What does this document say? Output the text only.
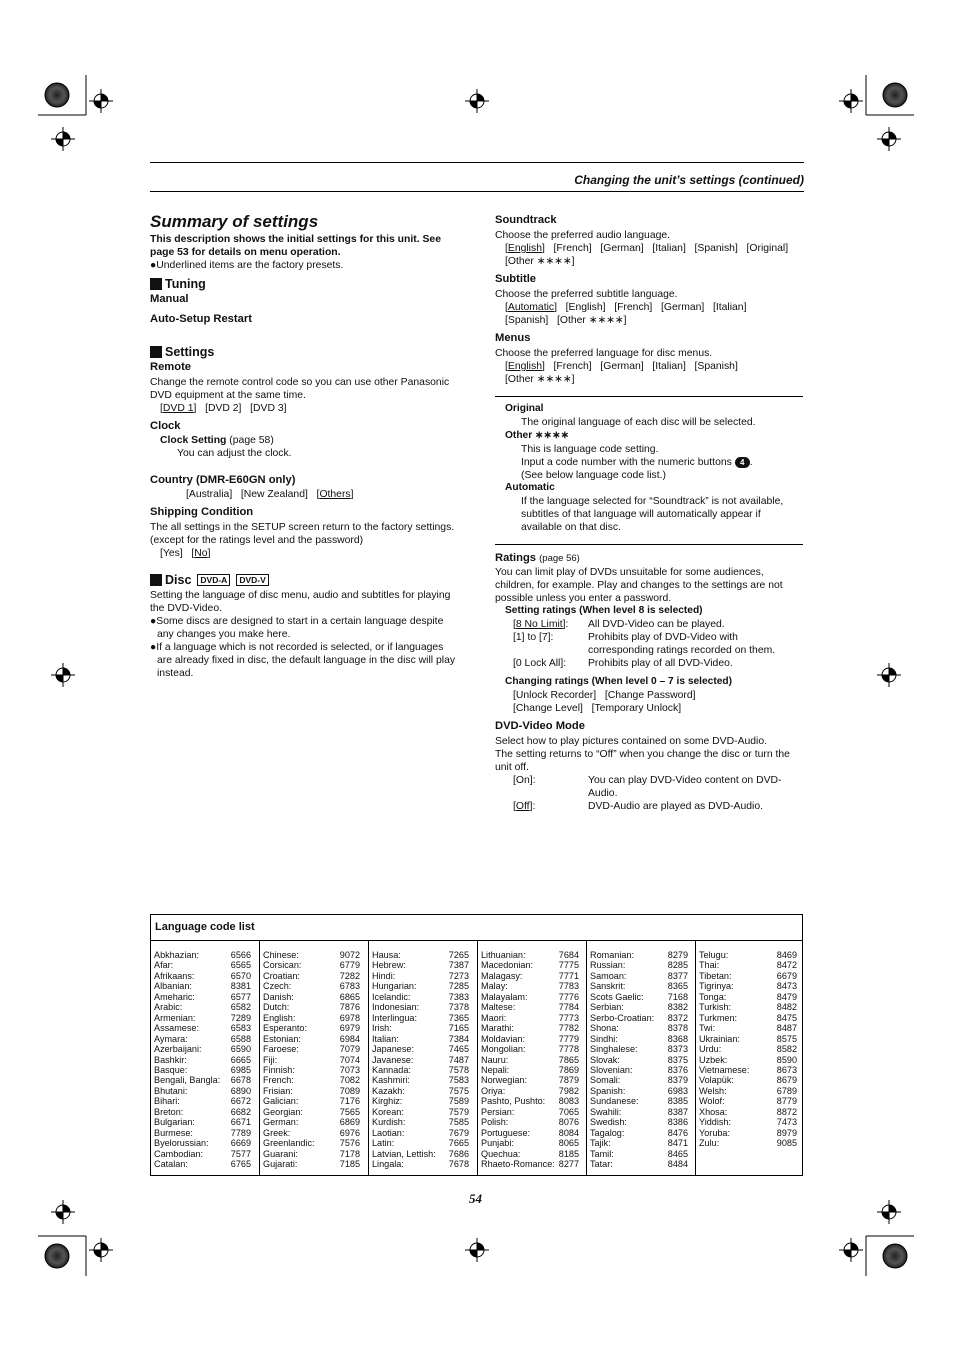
Changing the unit’s settings (continued)
Summary of settings
This description shows the initial settings for this unit. See
page 53 for details on menu operation.
●Underlined items are the factory presets.
Tuning
Manual
Auto-Setup Restart
Settings
Remote
Change the remote control code so you can use other Panasonic
DVD equipment at the same time.
[DVD 1]   [DVD 2] [DVD 3]
Clock
Clock Setting (page 58)
You can adjust the clock.
Country (DMR-E60GN only)
[Australia] [New Zealand]   [Others]
Shipping Condition
The all settings in the SETUP screen return to the factory settings.
(except for the ratings level and the password)
[Yes]   [No]
Disc	DVD-A	DVD-V
Setting the language of disc menu, audio and subtitles for playing
the DVD-Video.
●Some discs are designed to start in a certain language despite
any changes you make here.
●If a language which is not recorded is selected, or if languages
are already fixed in disc, the default language in the disc will play
instead.
Soundtrack
Choose the preferred audio language.
[English]   [French] [German] [Italian] [Spanish] [Original]
[Other ∗∗∗∗]
Subtitle
Choose the preferred subtitle language.
[Automatic]   [English] [French] [German] [Italian]
[Spanish] [Other ∗∗∗∗]
Menus
Choose the preferred language for disc menus.
[English]   [French] [German] [Italian] [Spanish]
[Other ∗∗∗∗]
Original
The original language of each disc will be selected.
Other ∗∗∗∗
This is language code setting.
Input a code number with the numeric buttons 4 .
(See below language code list.)
Automatic
If the language selected for “Soundtrack” is not available,
subtitles of that language will automatically appear if
available on that disc.
Ratings (page 56)
You can limit play of DVDs unsuitable for some audiences,
children, for example. Play and changes to the settings are not
possible unless you enter a password.
Setting ratings (When level 8 is selected)
[8 No Limit]: All DVD-Video can be played.
[1] to [7]:	Prohibits play of DVD-Video with
corresponding ratings recorded on them.
[0 Lock All]: Prohibits play of all DVD-Video.
Changing ratings (When level 0 – 7 is selected)
[Unlock Recorder] [Change Password]
[Change Level] [Temporary Unlock]
DVD-Video Mode
Select how to play pictures contained on some DVD-Audio.
The setting returns to “Off” when you change the disc or turn the
unit off.
[On]:	You can play DVD-Video content on DVD-
Audio.
[Off]:	DVD-Audio are played as DVD-Audio.
Language code list
Abkhazian:	6566
Afar:	6565
Afrikaans:	6570
Albanian:	8381
Ameharic:	6577
Arabic:	6582
Armenian:	7289
Assamese:	6583
Aymara:	6588
Azerbaijani:	6590
Bashkir:	6665
Basque:	6985
Bengali, Bangla: 6678
Bhutani:	6890
Bihari:	6672
Breton:	6682
Bulgarian:	6671
Burmese:	7789
Byelorussian: 6669
Cambodian:	7577
Catalan:	6765
Chinese:	9072
Corsican:	6779
Croatian:	7282
Czech:	6783
Danish:	6865
Dutch:	7876
English:	6978
Esperanto:	6979
Estonian:	6984
Faroese:	7079
Fiji:	7074
Finnish:	7073
French:	7082
Frisian:	7089
Galician:	7176
Georgian:	7565
German:	6869
Greek:	6976
Greenlandic:	7576
Guarani:	7178
Gujarati:	7185
Hausa:	7265
Hebrew:	7387
Hindi:	7273
Hungarian:	7285
Icelandic:	7383
Indonesian:	7378
Interlingua:	7365
Irish:	7165
Italian:	7384
Japanese:	7465
Javanese:	7487
Kannada:	7578
Kashmiri:	7583
Kazakh:	7575
Kirghiz:	7589
Korean:	7579
Kurdish:	7585
Laotian:	7679
Latin:	7665
Latvian, Lettish: 7686
Lingala:	7678
Lithuanian:	7684
Macedonian:	7775
Malagasy:	7771
Malay:	7783
Malayalam:	7776
Maltese:	7784
Maori:	7773
Marathi:	7782
Moldavian:	7779
Mongolian:	7778
Nauru:	7865
Nepali:	7869
Norwegian:	7879
Oriya:	7982
Pashto, Pushto: 8083
Persian:	7065
Polish:	8076
Portuguese:	8084
Punjabi:	8065
Quechua:	8185
Rhaeto-Romance: 8277
Romanian:	8279
Russian:	8285
Samoan:	8377
Sanskrit:	8365
Scots Gaelic:	7168
Serbian:	8382
Serbo-Croatian: 8372
Shona:	8378
Sindhi:	8368
Singhalese:	8373
Slovak:	8375
Slovenian:	8376
Somali:	8379
Spanish:	6983
Sundanese:	8385
Swahili:	8387
Swedish:	8386
Tagalog:	8476
Tajik:	8471
Tamil:	8465
Tatar:	8484
Telugu:	8469
Thai:	8472
Tibetan:	6679
Tigrinya:	8473
Tonga:	8479
Turkish:	8482
Turkmen:	8475
Twi:	8487
Ukrainian:	8575
Urdu:	8582
Uzbek:	8590
Vietnamese:	8673
Volapük:	8679
Welsh:	6789
Wolof:	8779
Xhosa:	8872
Yiddish:	7473
Yoruba:	8979
Zulu:	9085
54
